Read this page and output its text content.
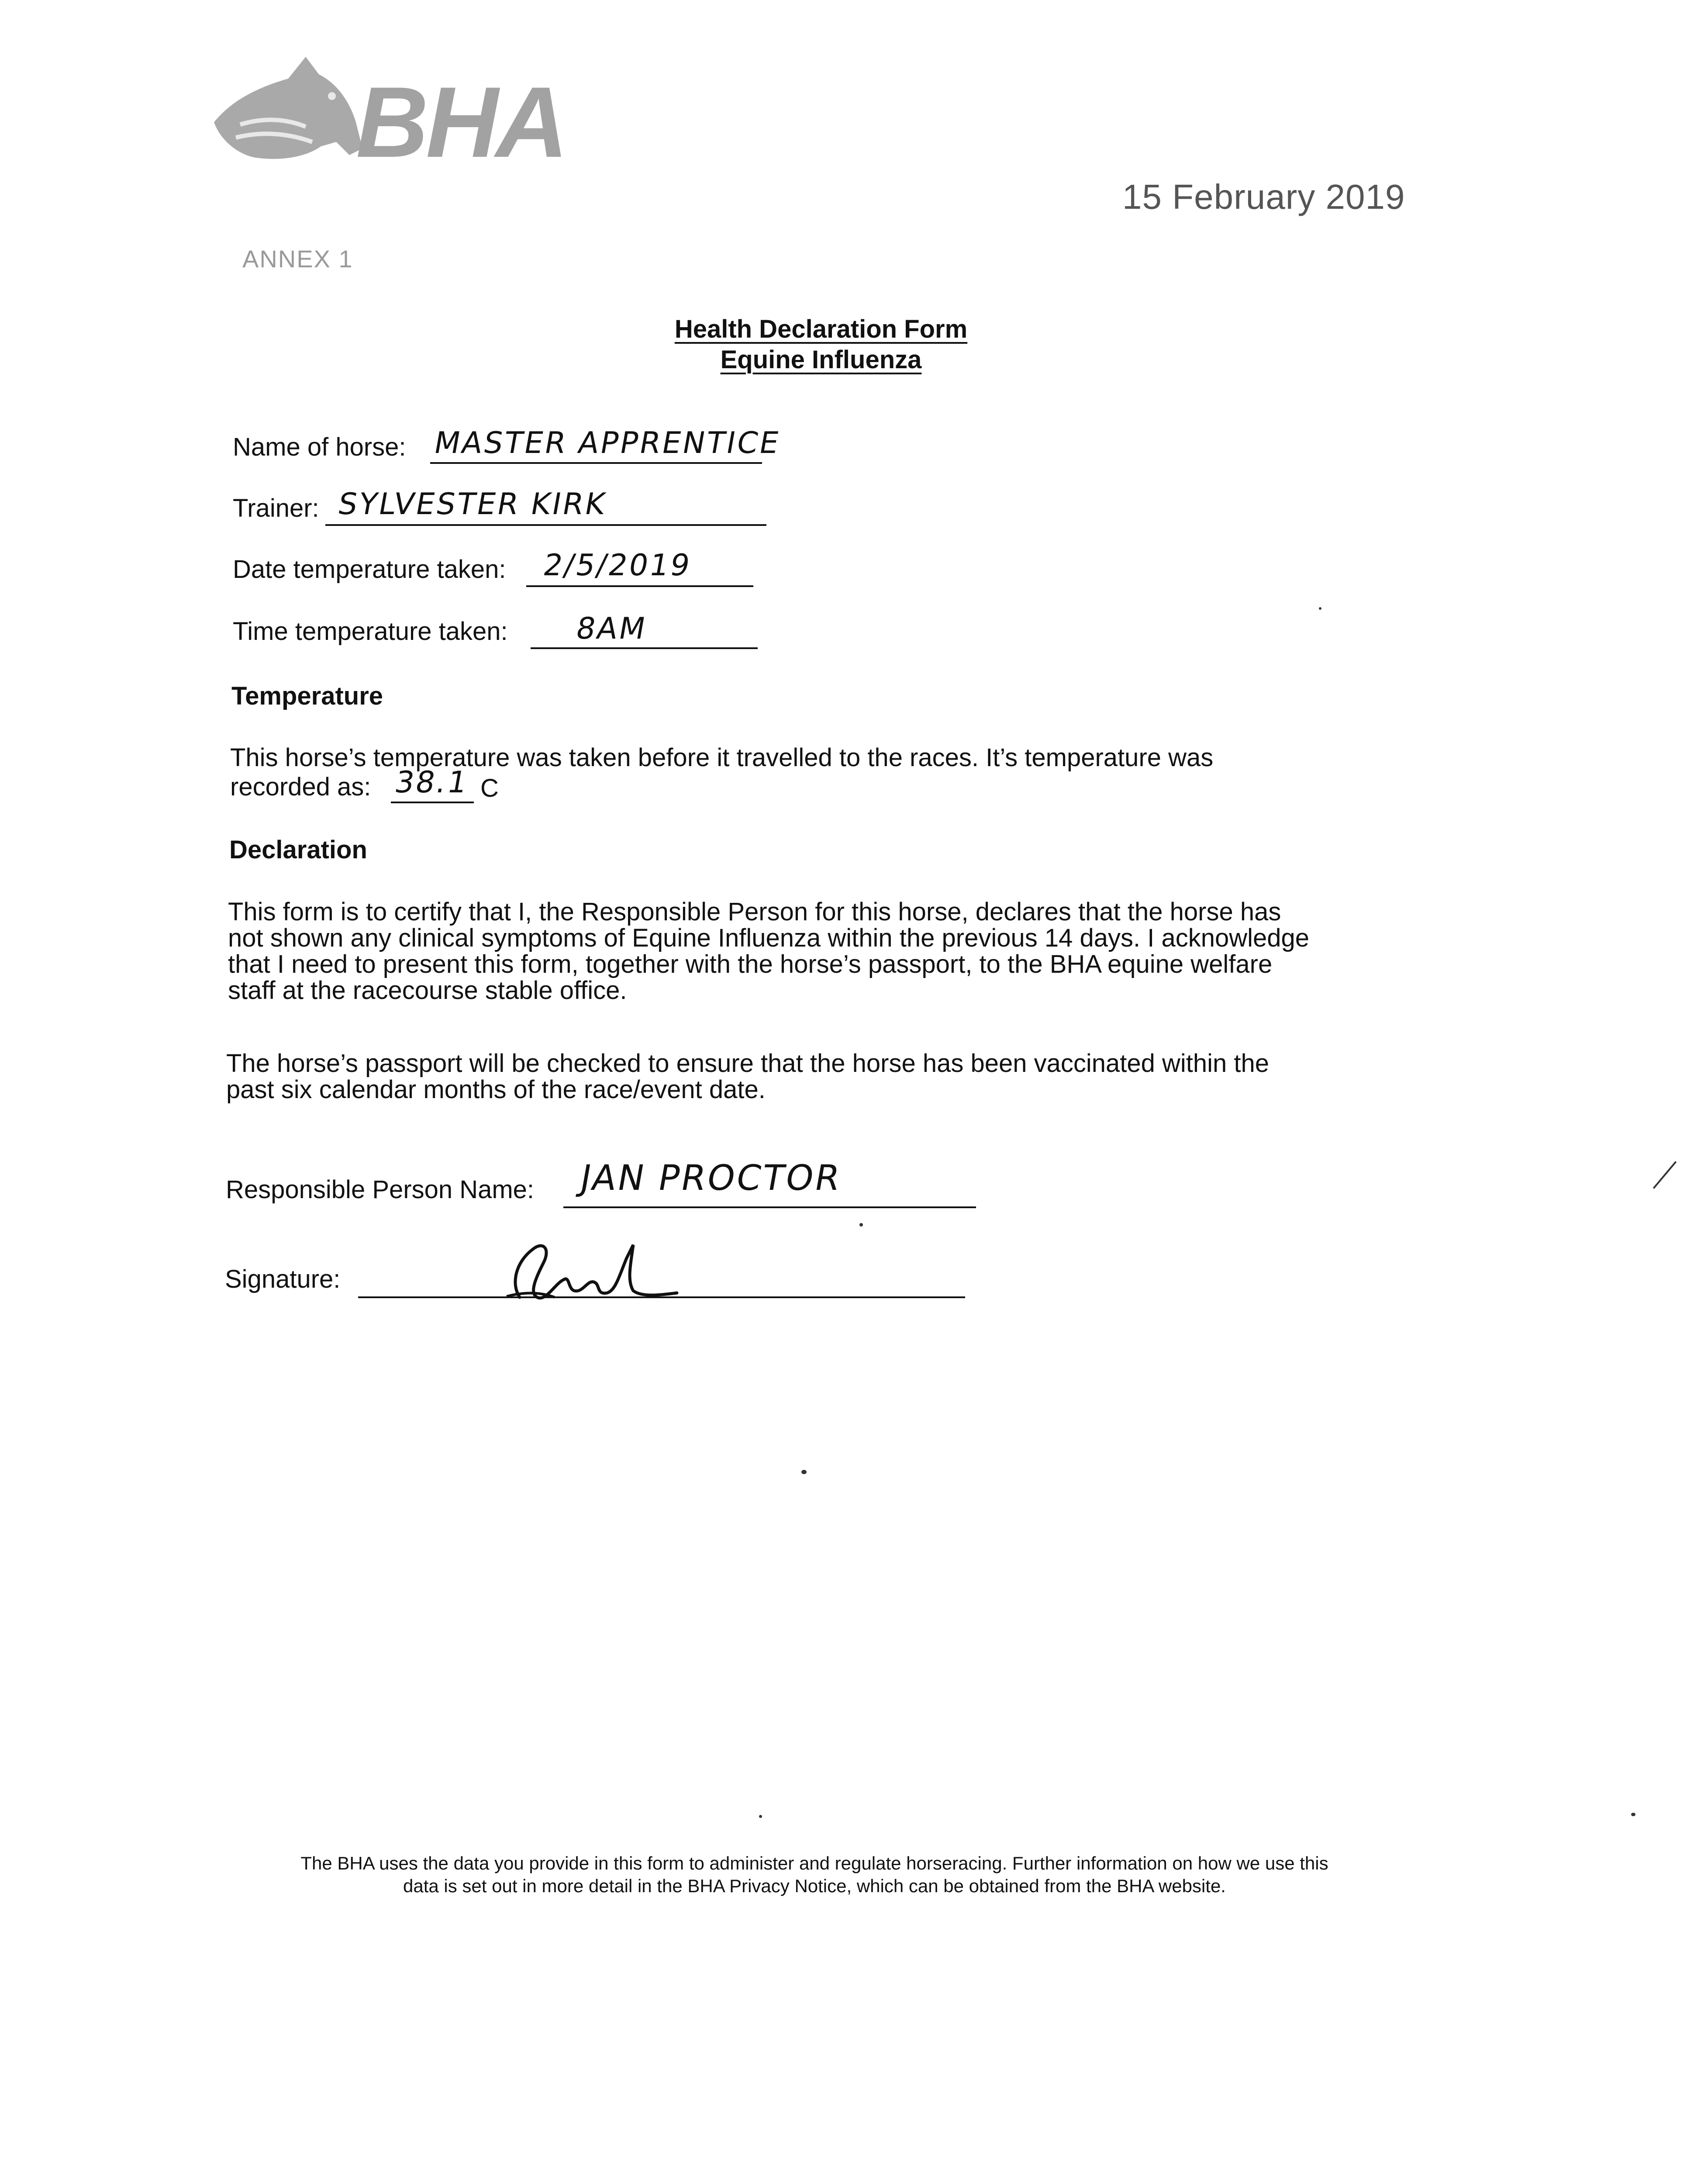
BHA
15 February 2019
ANNEX 1
Health Declaration Form
Equine Influenza
Name of horse: MASTER APPRENTICE
Trainer: SYLVESTER KIRK
Date temperature taken: 2/5/2019
Time temperature taken: 8AM
Temperature
This horse’s temperature was taken before it travelled to the races. It’s temperature was
recorded as: 38.1 C
Declaration
This form is to certify that I, the Responsible Person for this horse, declares that the horse has
not shown any clinical symptoms of Equine Influenza within the previous 14 days. I acknowledge
that I need to present this form, together with the horse’s passport, to the BHA equine welfare
staff at the racecourse stable office.
The horse’s passport will be checked to ensure that the horse has been vaccinated within the
past six calendar months of the race/event date.
Responsible Person Name: JAN PROCTOR
Signature:
The BHA uses the data you provide in this form to administer and regulate horseracing. Further information on how we use this
data is set out in more detail in the BHA Privacy Notice, which can be obtained from the BHA website.
